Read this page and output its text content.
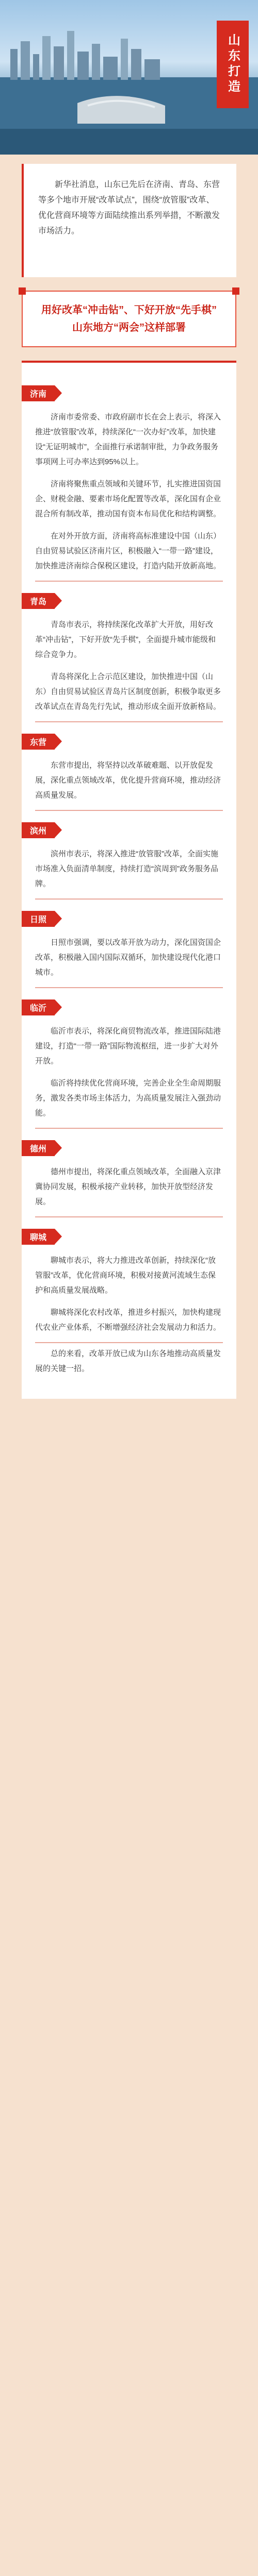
山东打造
新华社消息，山东已先后在济南、青岛、东营等多个地市开展“改革试点”，围绕“放管服”改革、优化营商环境等方面陆续推出系列举措，不断激发市场活力。
用好改革“冲击钻”、下好开放“先手棋”
山东地方“两会”这样部署
济南
济南市委常委、市政府副市长在会上表示，将深入推进“放管服”改革，持续深化“一次办好”改革，加快建设“无证明城市”，全面推行承诺制审批，力争政务服务事项网上可办率达到95%以上。
济南将聚焦重点领域和关键环节，扎实推进国资国企、财税金融、要素市场化配置等改革，深化国有企业混合所有制改革，推动国有资本布局优化和结构调整。
在对外开放方面，济南将高标准建设中国（山东）自由贸易试验区济南片区，积极融入“一带一路”建设，加快推进济南综合保税区建设，打造内陆开放新高地。
青岛
青岛市表示，将持续深化改革扩大开放，用好改革“冲击钻”，下好开放“先手棋”，全面提升城市能级和综合竞争力。
青岛将深化上合示范区建设，加快推进中国（山东）自由贸易试验区青岛片区制度创新，积极争取更多改革试点在青岛先行先试，推动形成全面开放新格局。
东营
东营市提出，将坚持以改革破难题、以开放促发展，深化重点领域改革，优化提升营商环境，推动经济高质量发展。
滨州
滨州市表示，将深入推进“放管服”改革，全面实施市场准入负面清单制度，持续打造“滨周到”政务服务品牌。
日照
日照市强调，要以改革开放为动力，深化国资国企改革，积极融入国内国际双循环，加快建设现代化港口城市。
临沂
临沂市表示，将深化商贸物流改革，推进国际陆港建设，打造“一带一路”国际物流枢纽，进一步扩大对外开放。
临沂将持续优化营商环境，完善企业全生命周期服务，激发各类市场主体活力，为高质量发展注入强劲动能。
德州
德州市提出，将深化重点领域改革，全面融入京津冀协同发展，积极承接产业转移，加快开放型经济发展。
聊城
聊城市表示，将大力推进改革创新，持续深化“放管服”改革，优化营商环境，积极对接黄河流域生态保护和高质量发展战略。
聊城将深化农村改革，推进乡村振兴，加快构建现代农业产业体系，不断增强经济社会发展动力和活力。
总的来看，改革开放已成为山东各地推动高质量发展的关键一招。
